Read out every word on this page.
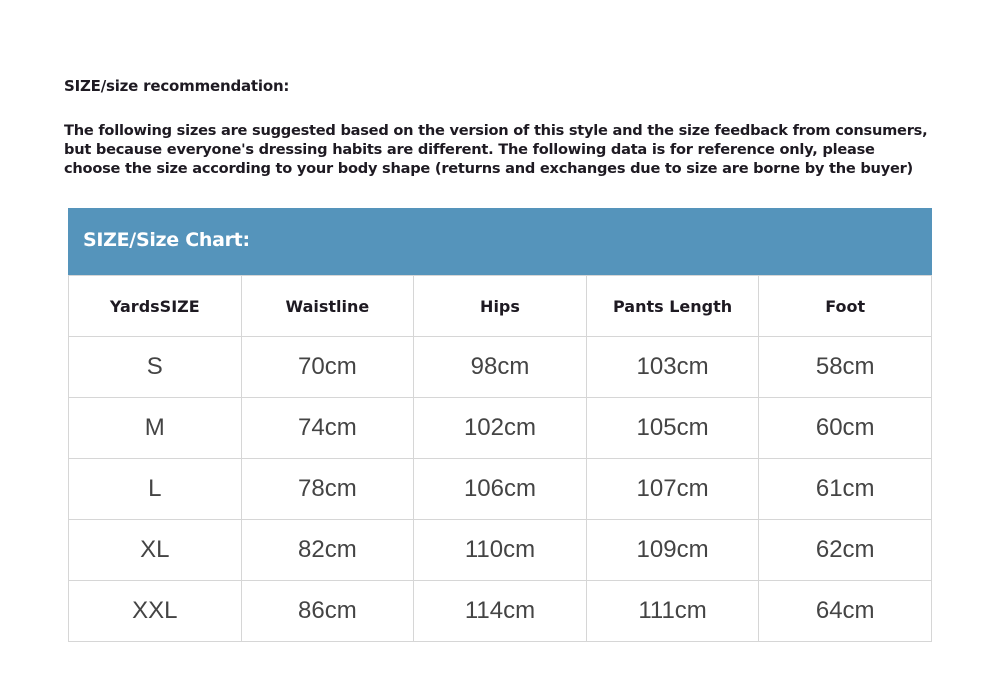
SIZE/size recommendation:
The following sizes are suggested based on the version of this style and the size feedback from consumers,
but because everyone's dressing habits are different. The following data is for reference only, please
choose the size according to your body shape (returns and exchanges due to size are borne by the buyer)
SIZE/Size Chart:
YardsSIZE	Waistline	Hips	Pants Length	Foot
S	70cm	98cm	103cm	58cm
M	74cm	102cm	105cm	60cm
L	78cm	106cm	107cm	61cm
XL	82cm	110cm	109cm	62cm
XXL	86cm	114cm	111cm	64cm
